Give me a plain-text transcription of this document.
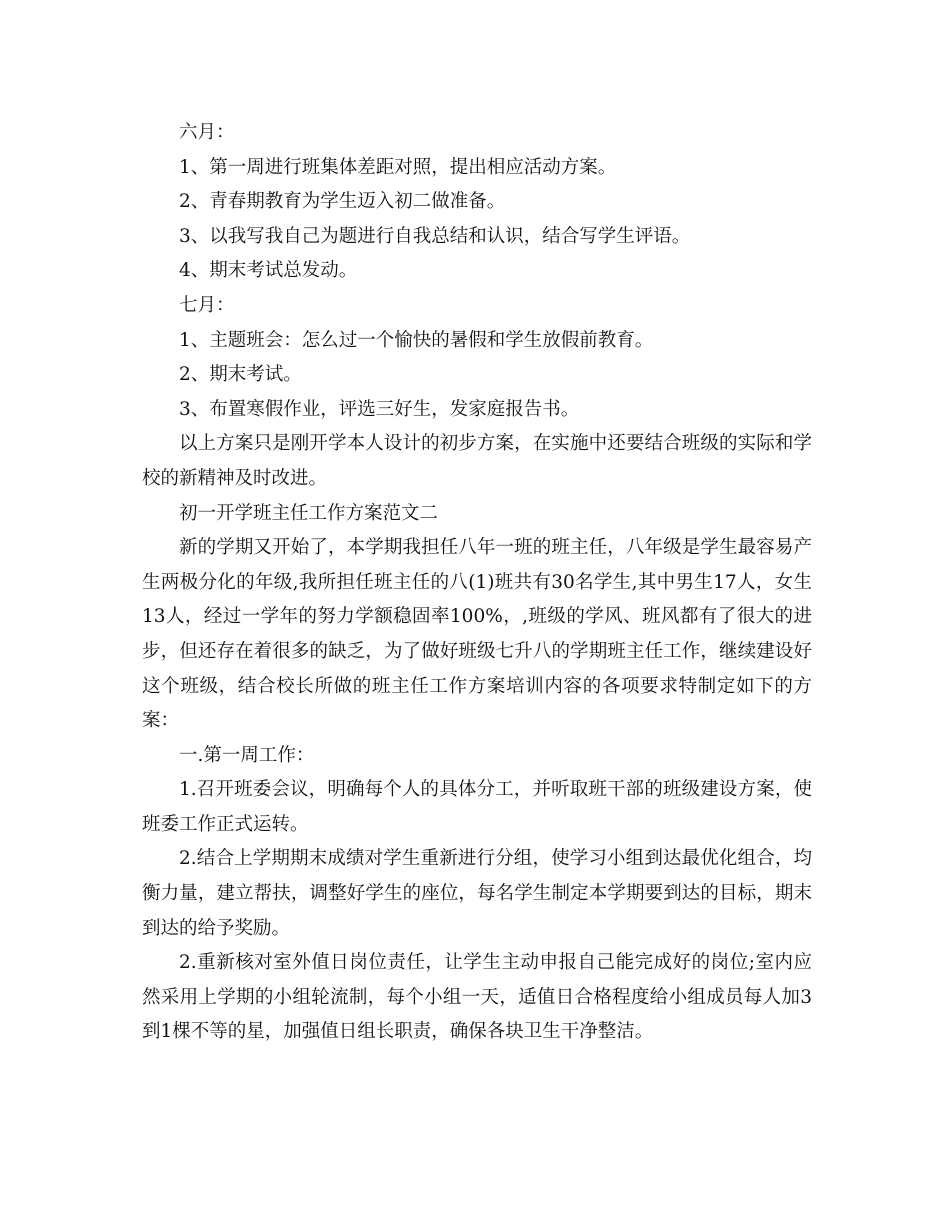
六月：

1、第一周进行班集体差距对照，提出相应活动方案。

2、青春期教育为学生迈入初二做准备。

3、以我写我自己为题进行自我总结和认识，结合写学生评语。

4、期末考试总发动。

七月：

1、主题班会：怎么过一个愉快的暑假和学生放假前教育。

2、期末考试。

3、布置寒假作业，评选三好生，发家庭报告书。

以上方案只是刚开学本人设计的初步方案，在实施中还要结合班级的实际和学校的新精神及时改进。

初一开学班主任工作方案范文二

新的学期又开始了，本学期我担任八年一班的班主任，八年级是学生最容易产生两极分化的年级,我所担任班主任的八(1)班共有30名学生,其中男生17人，女生13人，经过一学年的努力学额稳固率100%，,班级的学风、班风都有了很大的进步，但还存在着很多的缺乏，为了做好班级七升八的学期班主任工作，继续建设好这个班级，结合校长所做的班主任工作方案培训内容的各项要求特制定如下的方案：

一.第一周工作：

1.召开班委会议，明确每个人的具体分工，并听取班干部的班级建设方案，使班委工作正式运转。

2.结合上学期期末成绩对学生重新进行分组，使学习小组到达最优化组合，均衡力量，建立帮扶，调整好学生的座位，每名学生制定本学期要到达的目标，期末到达的给予奖励。

2.重新核对室外值日岗位责任，让学生主动申报自己能完成好的岗位;室内应然采用上学期的小组轮流制，每个小组一天，适值日合格程度给小组成员每人加3到1棵不等的星，加强值日组长职责，确保各块卫生干净整洁。
